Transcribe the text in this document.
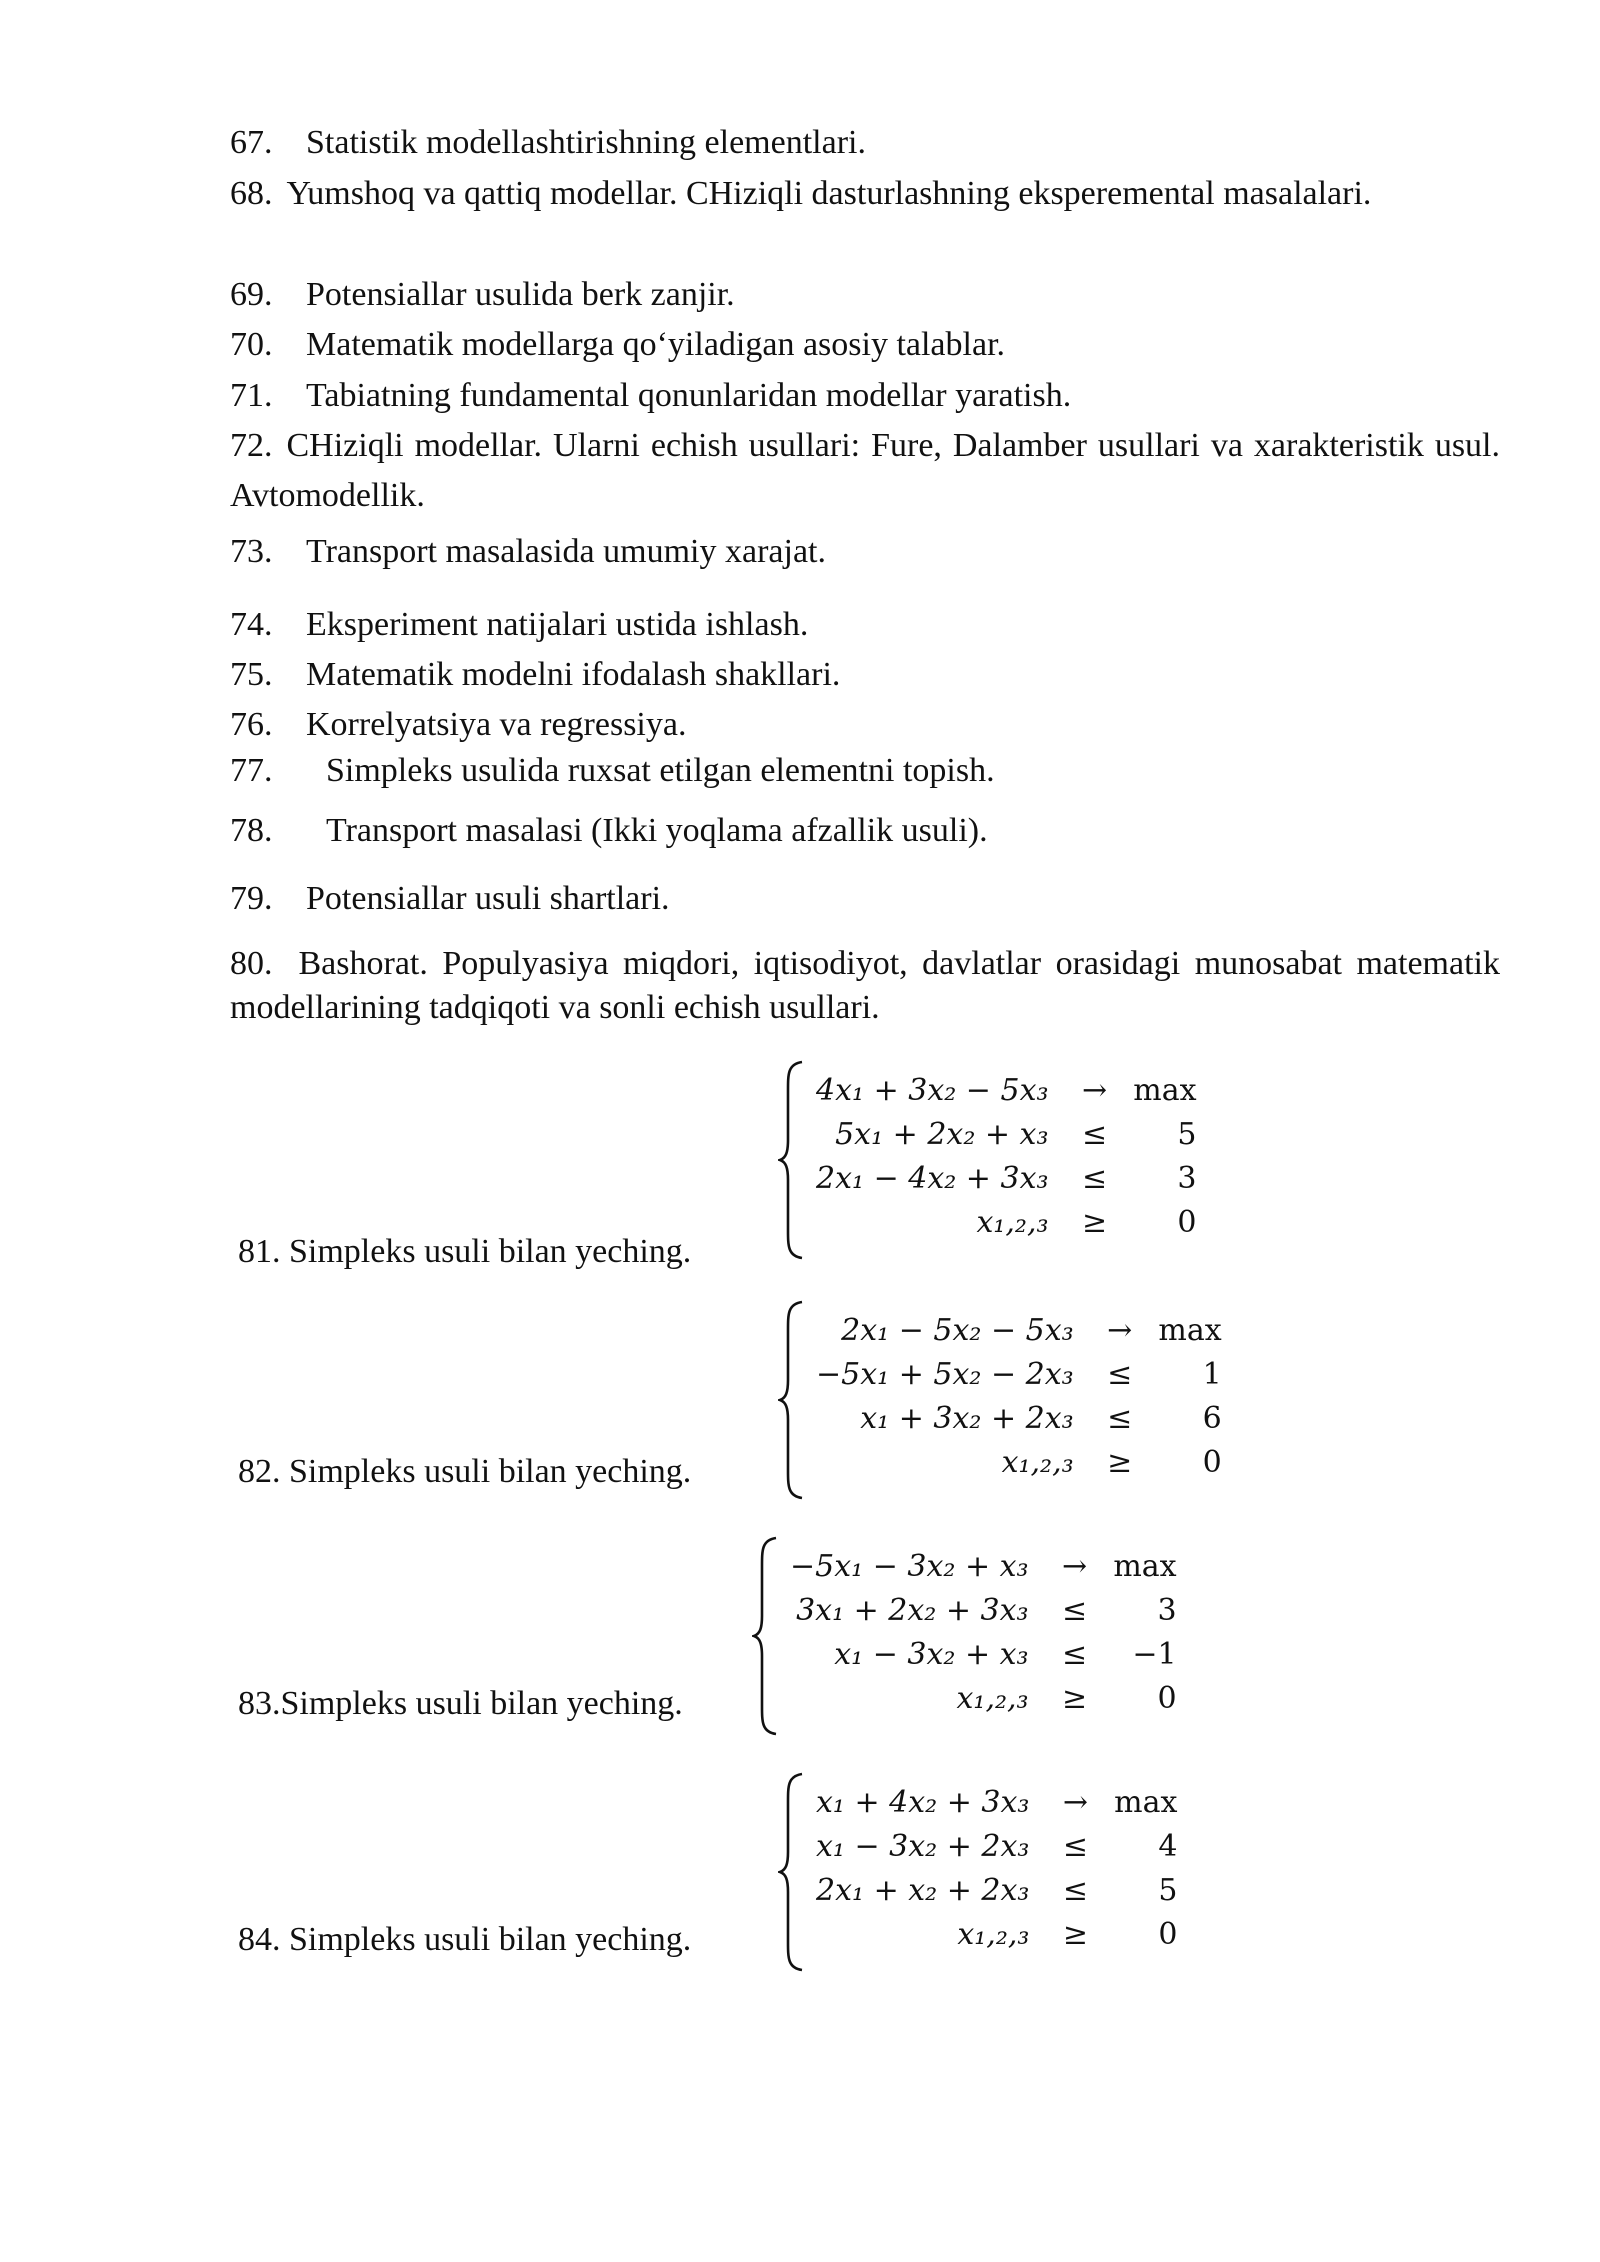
67. Statistik modellashtirishning elementlari.

68. Yumshoq va qattiq modellar. CHiziqli dasturlashning eksperemental masalalari.

69. Potensiallar usulida berk zanjir.

70. Matematik modellarga qo‘yiladigan asosiy talablar.

71. Tabiatning fundamental qonunlaridan modellar yaratish.

72. CHiziqli modellar. Ularni echish usullari: Fure, Dalamber usullari va xarakteristik usul. Avtomodellik.

73. Transport masalasida umumiy xarajat.

74. Eksperiment natijalari ustida ishlash.

75. Matematik modelni ifodalash shakllari.

76. Korrelyatsiya va regressiya.

77. Simpleks usulida ruxsat etilgan elementni topish.

78. Transport masalasi (Ikki yoqlama afzallik usuli).

79. Potensiallar usuli shartlari.

80. Bashorat. Populyasiya miqdori, iqtisodiyot, davlatlar orasidagi munosabat matematik modellarining tadqiqoti va sonli echish usullari.

81. Simpleks usuli bilan yeching.

4x₁ + 3x₂ − 5x₃	→	max
5x₁ + 2x₂ + x₃	≤	5
2x₁ − 4x₂ + 3x₃	≤	3
x₁,₂,₃	≥	0

82. Simpleks usuli bilan yeching.

2x₁ − 5x₂ − 5x₃	→	max
−5x₁ + 5x₂ − 2x₃	≤	1
x₁ + 3x₂ + 2x₃	≤	6
x₁,₂,₃	≥	0

83.Simpleks usuli bilan yeching.

−5x₁ − 3x₂ + x₃	→	max
3x₁ + 2x₂ + 3x₃	≤	3
x₁ − 3x₂ + x₃	≤	−1
x₁,₂,₃	≥	0

84. Simpleks usuli bilan yeching.

x₁ + 4x₂ + 3x₃	→	max
x₁ − 3x₂ + 2x₃	≤	4
2x₁ + x₂ + 2x₃	≤	5
x₁,₂,₃	≥	0
